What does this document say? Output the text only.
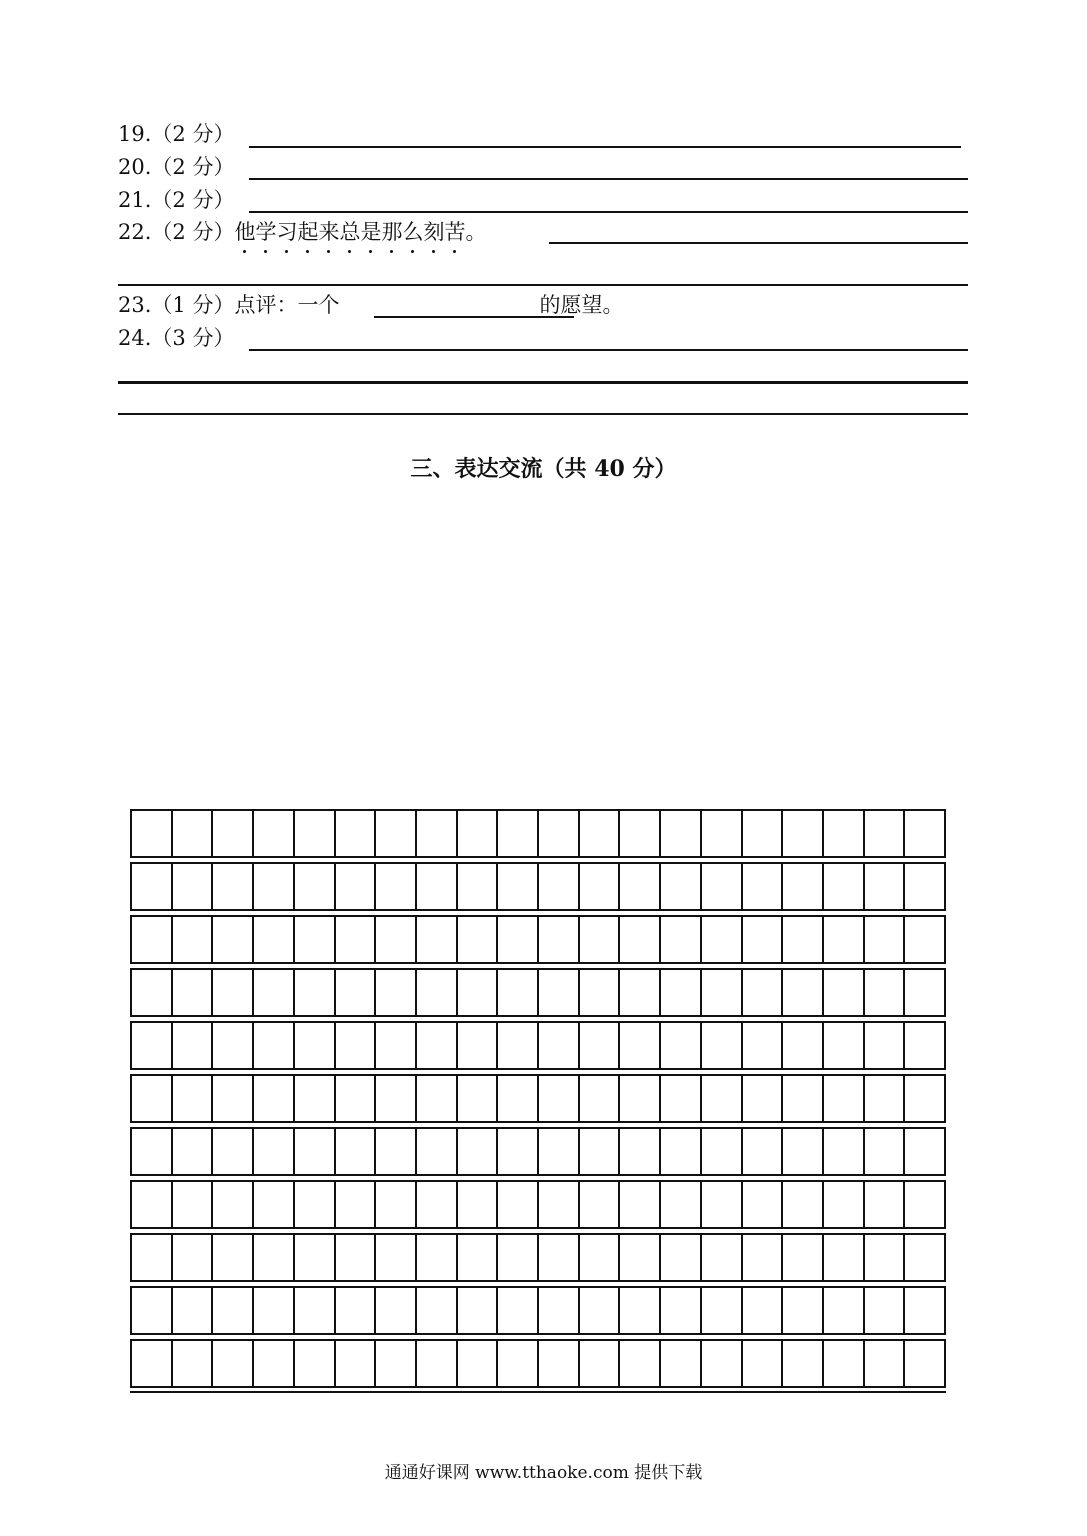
19.（2 分）
20.（2 分）
21.（2 分）
22.（2 分）他学习起来总是那么刻苦。
23.（1 分）点评：一个	的愿望。
24.（3 分）
三、表达交流（共 40 分）
通通好课网 www.tthaoke.com 提供下载
